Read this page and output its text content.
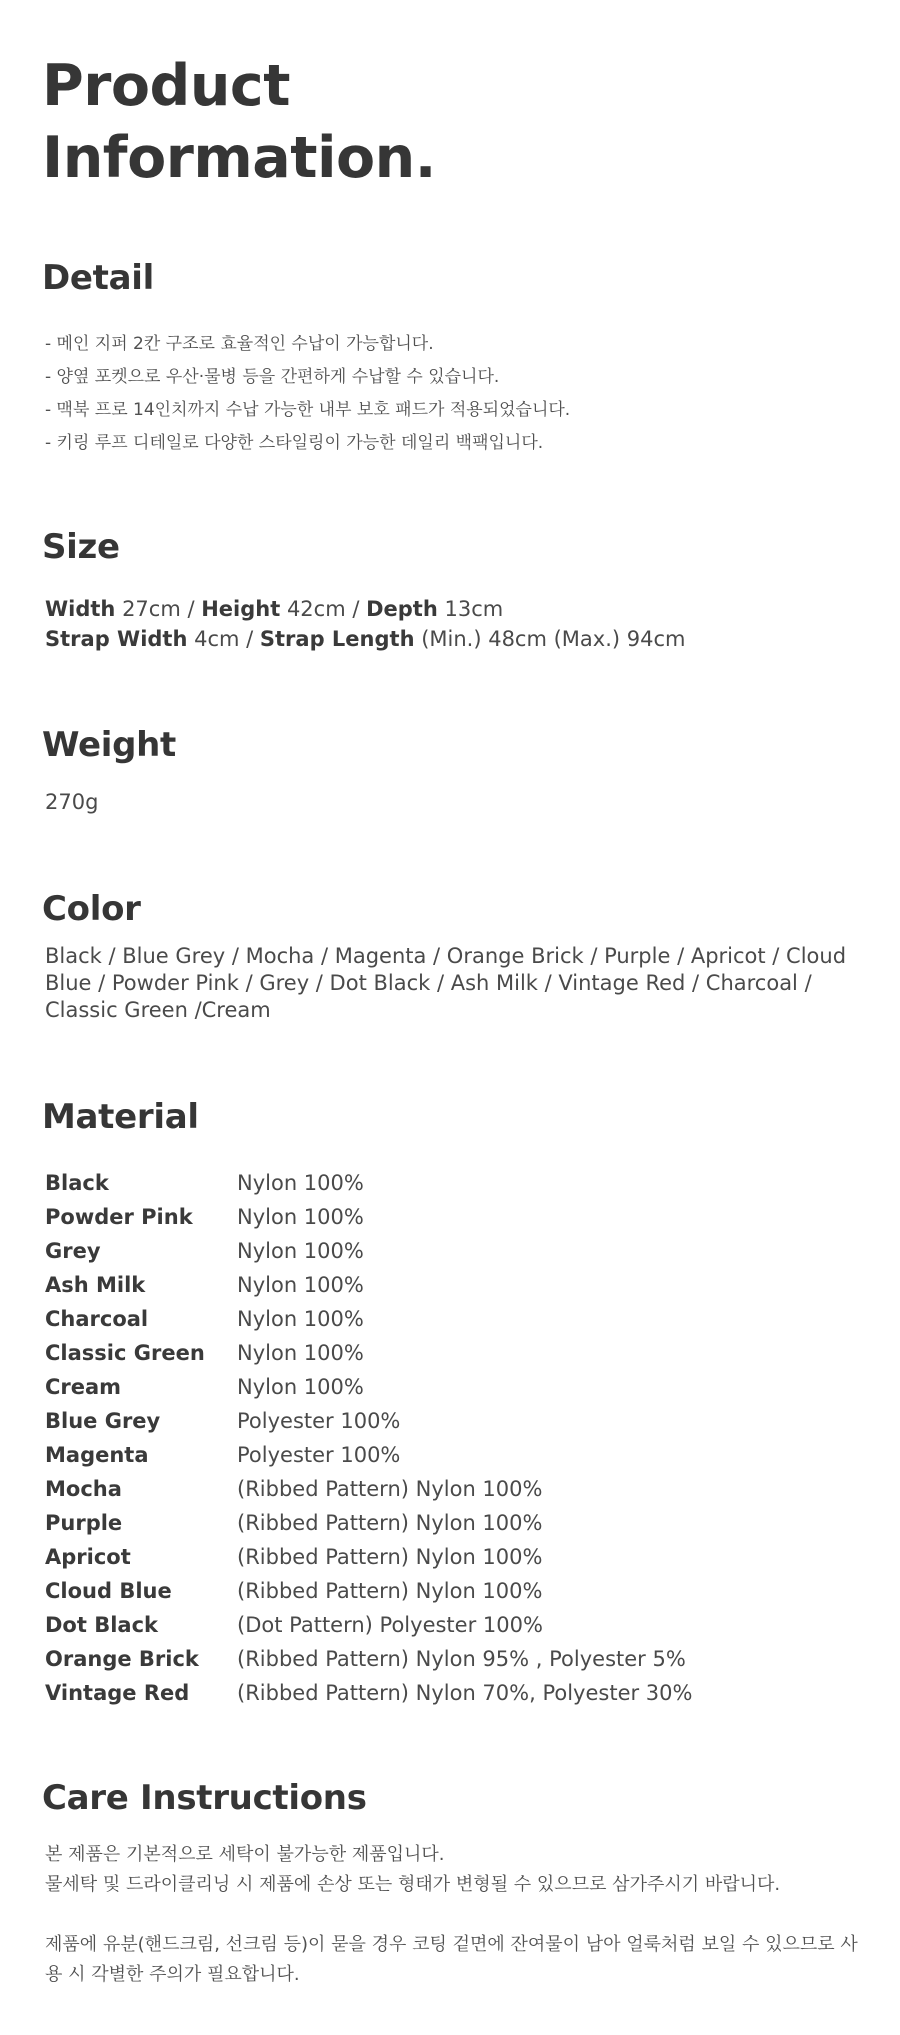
Product
Information.
Detail
- 메인 지퍼 2칸 구조로 효율적인 수납이 가능합니다.
- 양옆 포켓으로 우산·물병 등을 간편하게 수납할 수 있습니다.
- 맥북 프로 14인치까지 수납 가능한 내부 보호 패드가 적용되었습니다.
- 키링 루프 디테일로 다양한 스타일링이 가능한 데일리 백팩입니다.
Size
Width 27cm / Height 42cm / Depth 13cm
Strap Width 4cm / Strap Length (Min.) 48cm (Max.) 94cm
Weight
270g
Color
Black / Blue Grey / Mocha / Magenta / Orange Brick / Purple / Apricot / Cloud Blue / Powder Pink / Grey / Dot Black / Ash Milk / Vintage Red / Charcoal / Classic Green /Cream
Material
Black	Nylon 100%
Powder Pink	Nylon 100%
Grey	Nylon 100%
Ash Milk	Nylon 100%
Charcoal	Nylon 100%
Classic Green	Nylon 100%
Cream	Nylon 100%
Blue Grey	Polyester 100%
Magenta	Polyester 100%
Mocha	(Ribbed Pattern) Nylon 100%
Purple	(Ribbed Pattern) Nylon 100%
Apricot	(Ribbed Pattern) Nylon 100%
Cloud Blue	(Ribbed Pattern) Nylon 100%
Dot Black	(Dot Pattern) Polyester 100%
Orange Brick	(Ribbed Pattern) Nylon 95% , Polyester 5%
Vintage Red	(Ribbed Pattern) Nylon 70%, Polyester 30%
Care Instructions

본 제품은 기본적으로 세탁이 불가능한 제품입니다.

물세탁 및 드라이클리닝 시 제품에 손상 또는 형태가 변형될 수 있으므로 삼가주시기 바랍니다.

제품에 유분(핸드크림, 선크림 등)이 묻을 경우 코팅 겉면에 잔여물이 남아 얼룩처럼 보일 수 있으므로 사용 시 각별한 주의가 필요합니다.
